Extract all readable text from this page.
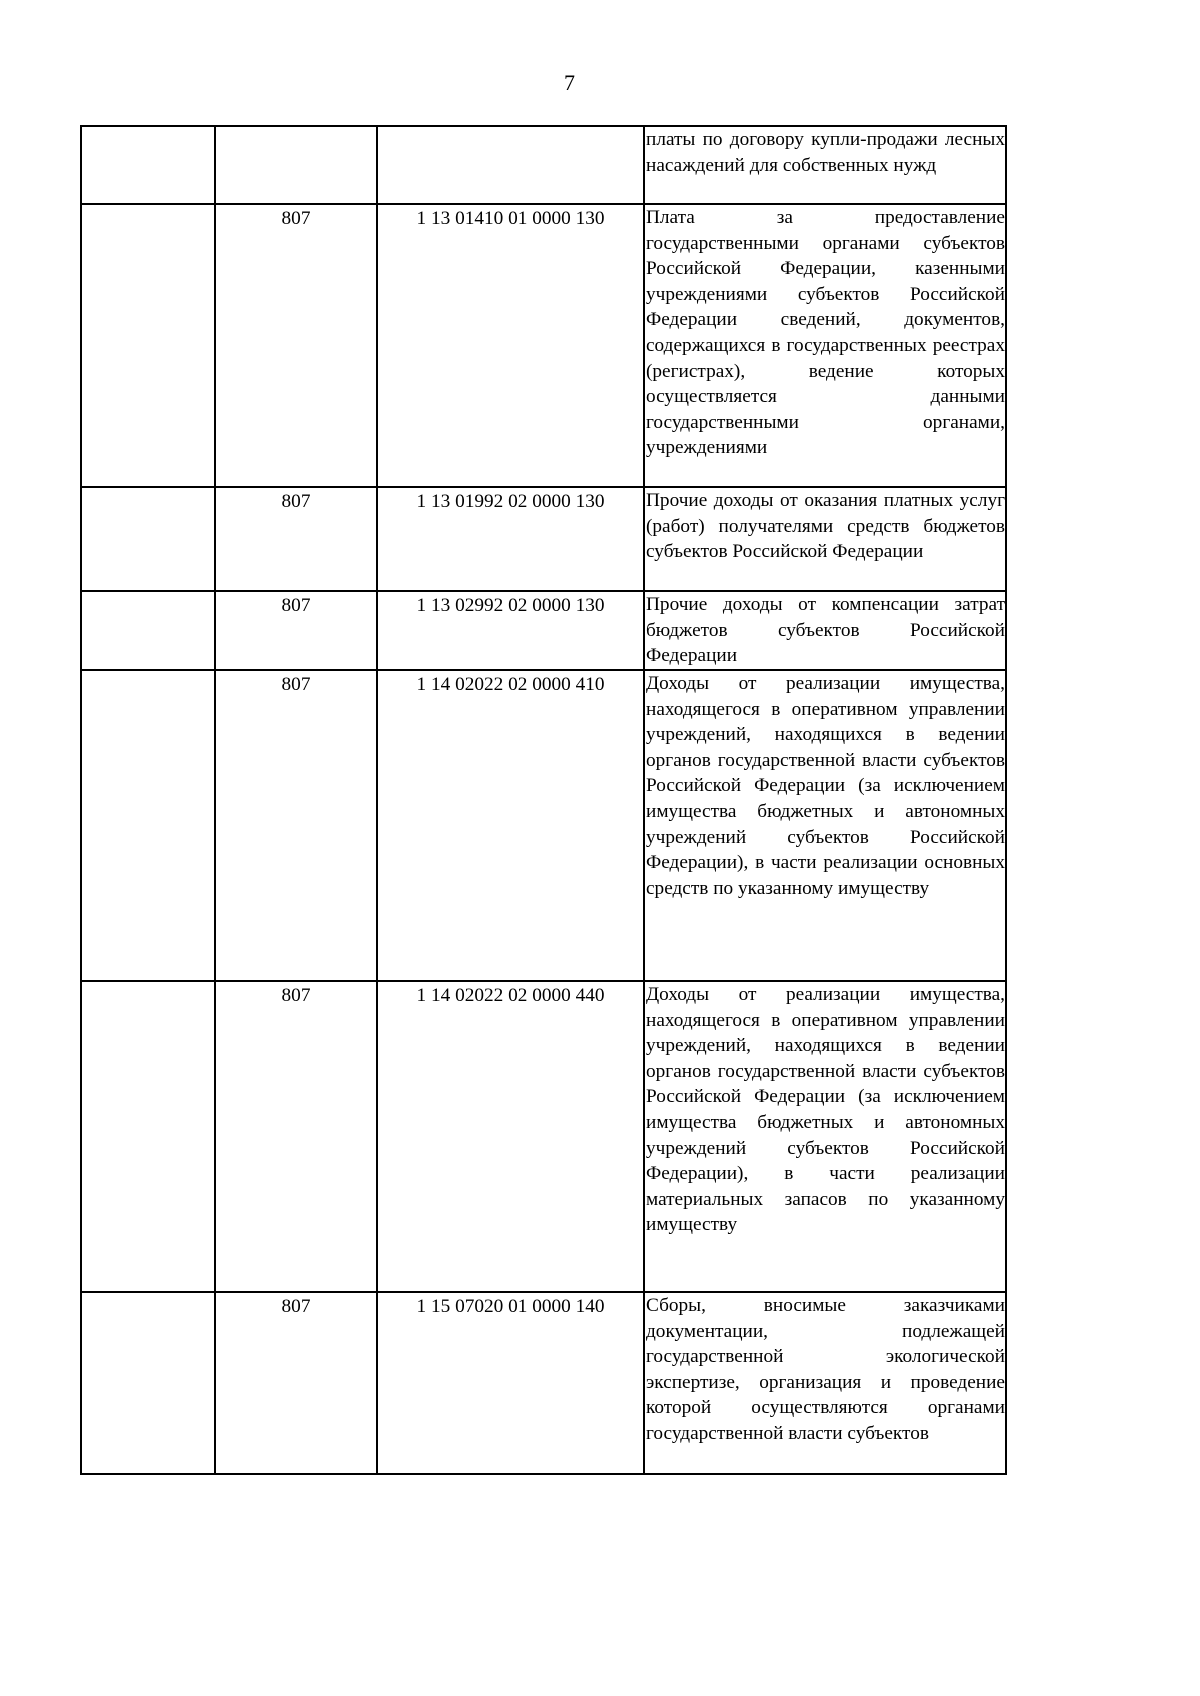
7

			платы по договору купли-продажи лесных насаждений для собственных нужд

	807	1 13 01410 01 0000 130	Плата за предоставление государственными органами субъектов Российской Федерации, казенными учреждениями субъектов Российской Федерации сведений, документов, содержащихся в государственных реестрах (регистрах), ведение которых осуществляется данными государственными органами, учреждениями

	807	1 13 01992 02 0000 130	Прочие доходы от оказания платных услуг (работ) получателями средств бюджетов субъектов Российской Федерации

	807	1 13 02992 02 0000 130	Прочие доходы от компенсации затрат бюджетов субъектов Российской Федерации

	807	1 14 02022 02 0000 410	Доходы от реализации имущества, находящегося в оперативном управлении учреждений, находящихся в ведении органов государственной власти субъектов Российской Федерации (за исключением имущества бюджетных и автономных учреждений субъектов Российской Федерации), в части реализации основных средств по указанному имуществу

	807	1 14 02022 02 0000 440	Доходы от реализации имущества, находящегося в оперативном управлении учреждений, находящихся в ведении органов государственной власти субъектов Российской Федерации (за исключением имущества бюджетных и автономных учреждений субъектов Российской Федерации), в части реализации материальных запасов по указанному имуществу

	807	1 15 07020 01 0000 140	Сборы, вносимые заказчиками документации, подлежащей государственной экологической экспертизе, организация и проведение которой осуществляются органами государственной власти субъектов
